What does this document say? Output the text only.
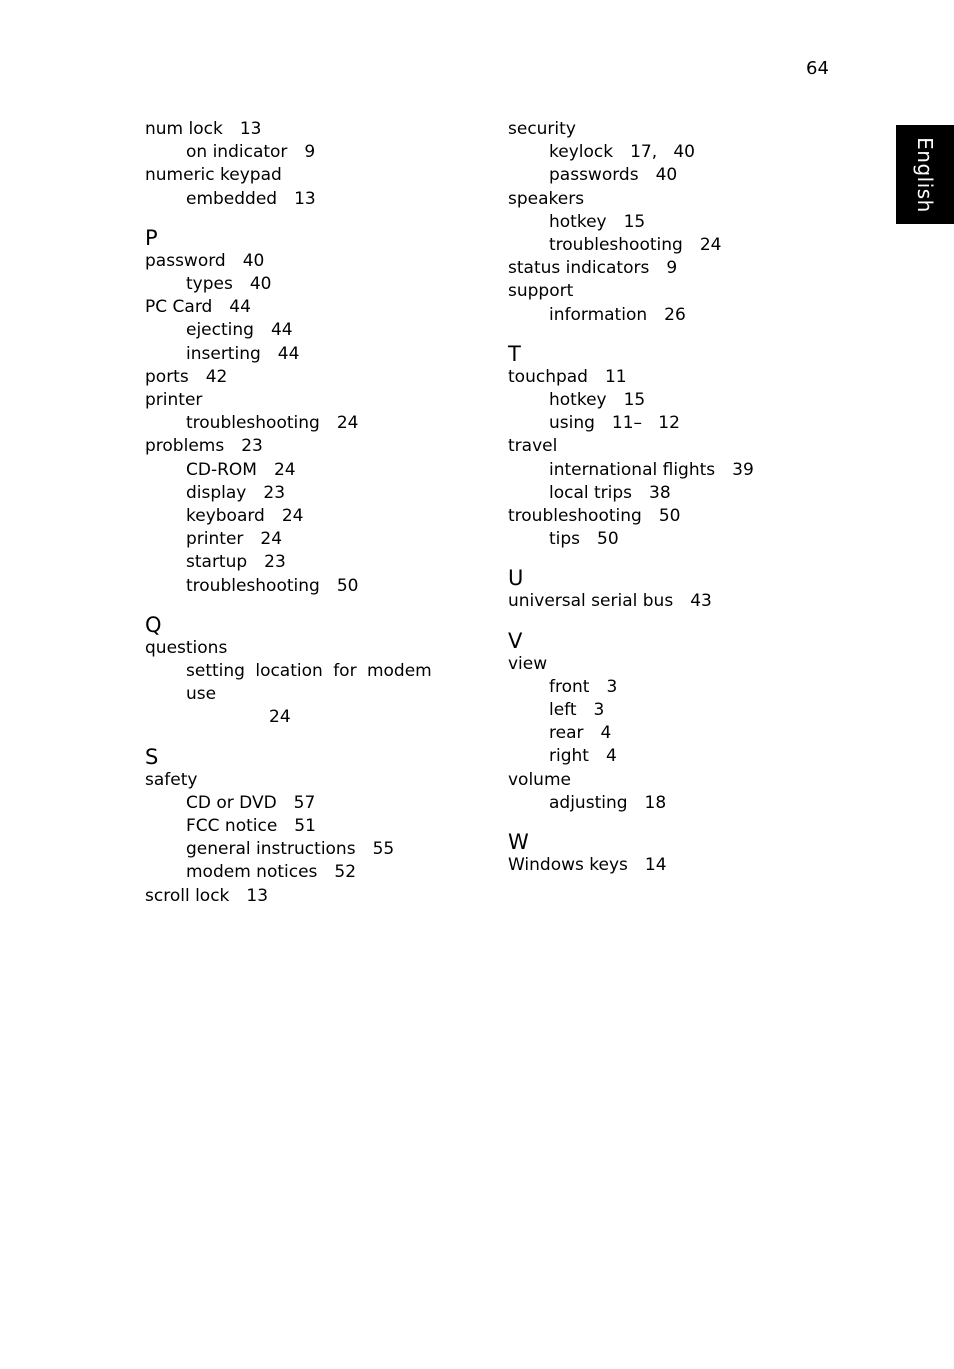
64
English
num lock 13
on indicator 9
numeric keypad
embedded 13
P
password 40
types 40
PC Card 44
ejecting 44
inserting 44
ports 42
printer
troubleshooting 24
problems 23
CD-ROM 24
display 23
keyboard 24
printer 24
startup 23
troubleshooting 50
Q
questions
setting location for modem use
24
S
safety
CD or DVD 57
FCC notice 51
general instructions 55
modem notices 52
scroll lock 13
security
keylock 17,   40
passwords 40
speakers
hotkey 15
troubleshooting 24
status indicators 9
support
information 26
T
touchpad 11
hotkey 15
using 11–   12
travel
international flights 39
local trips 38
troubleshooting 50
tips 50
U
universal serial bus 43
V
view
front 3
left 3
rear 4
right 4
volume
adjusting 18
W
Windows keys 14
